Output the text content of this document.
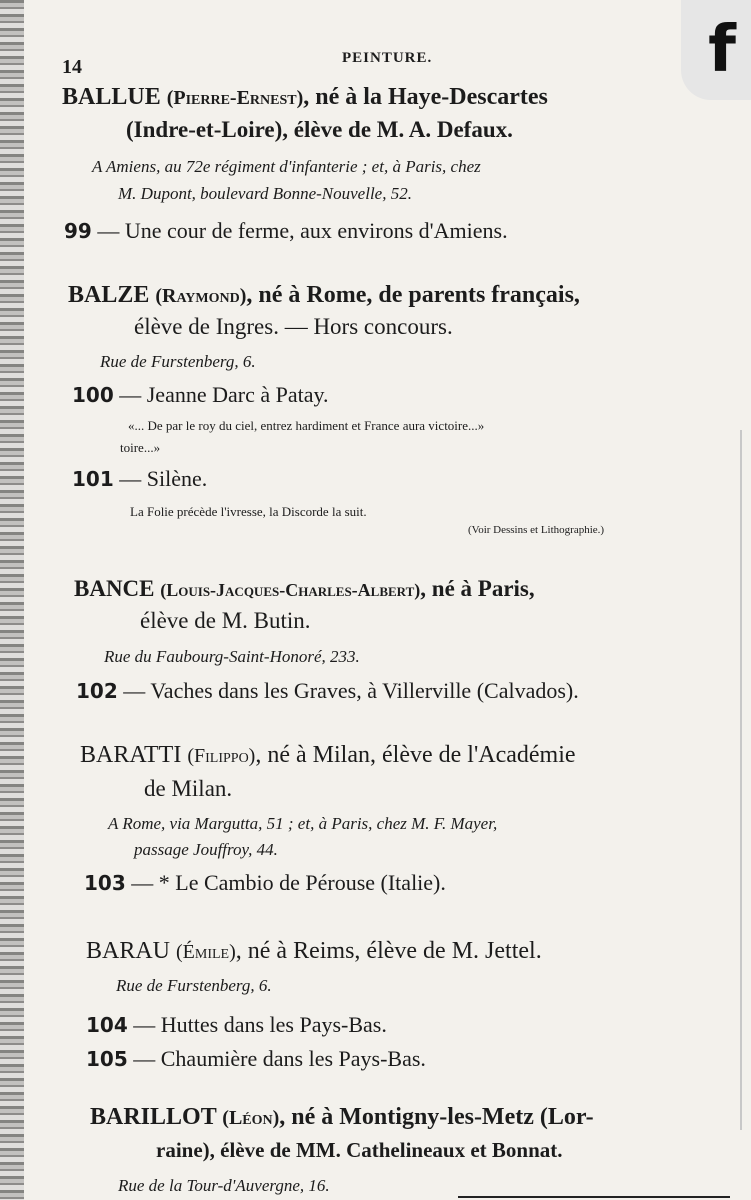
f

14	PEINTURE.

BALLUE (Pierre-Ernest), né à la Haye-Descartes

(Indre-et-Loire), élève de M. A. Defaux.

A Amiens, au 72e régiment d'infanterie ; et, à Paris, chez

M. Dupont, boulevard Bonne-Nouvelle, 52.

99 — Une cour de ferme, aux environs d'Amiens.

BALZE (Raymond), né à Rome, de parents français,

élève de Ingres. — Hors concours.

Rue de Furstenberg, 6.

100 — Jeanne Darc à Patay.

«... De par le roy du ciel, entrez hardiment et France aura victoire...»

toire...»

101 — Silène.

La Folie précède l'ivresse, la Discorde la suit.

(Voir Dessins et Lithographie.)

BANCE (Louis-Jacques-Charles-Albert), né à Paris,

élève de M. Butin.

Rue du Faubourg-Saint-Honoré, 233.

102 — Vaches dans les Graves, à Villerville (Calvados).

BARATTI (Filippo), né à Milan, élève de l'Académie

de Milan.

A Rome, via Margutta, 51 ; et, à Paris, chez M. F. Mayer,

passage Jouffroy, 44.

103 — * Le Cambio de Pérouse (Italie).

BARAU (Émile), né à Reims, élève de M. Jettel.

Rue de Furstenberg, 6.

104 — Huttes dans les Pays-Bas.

105 — Chaumière dans les Pays-Bas.

BARILLOT (Léon), né à Montigny-les-Metz (Lor-

raine), élève de MM. Cathelineaux et Bonnat.

Rue de la Tour-d'Auvergne, 16.
